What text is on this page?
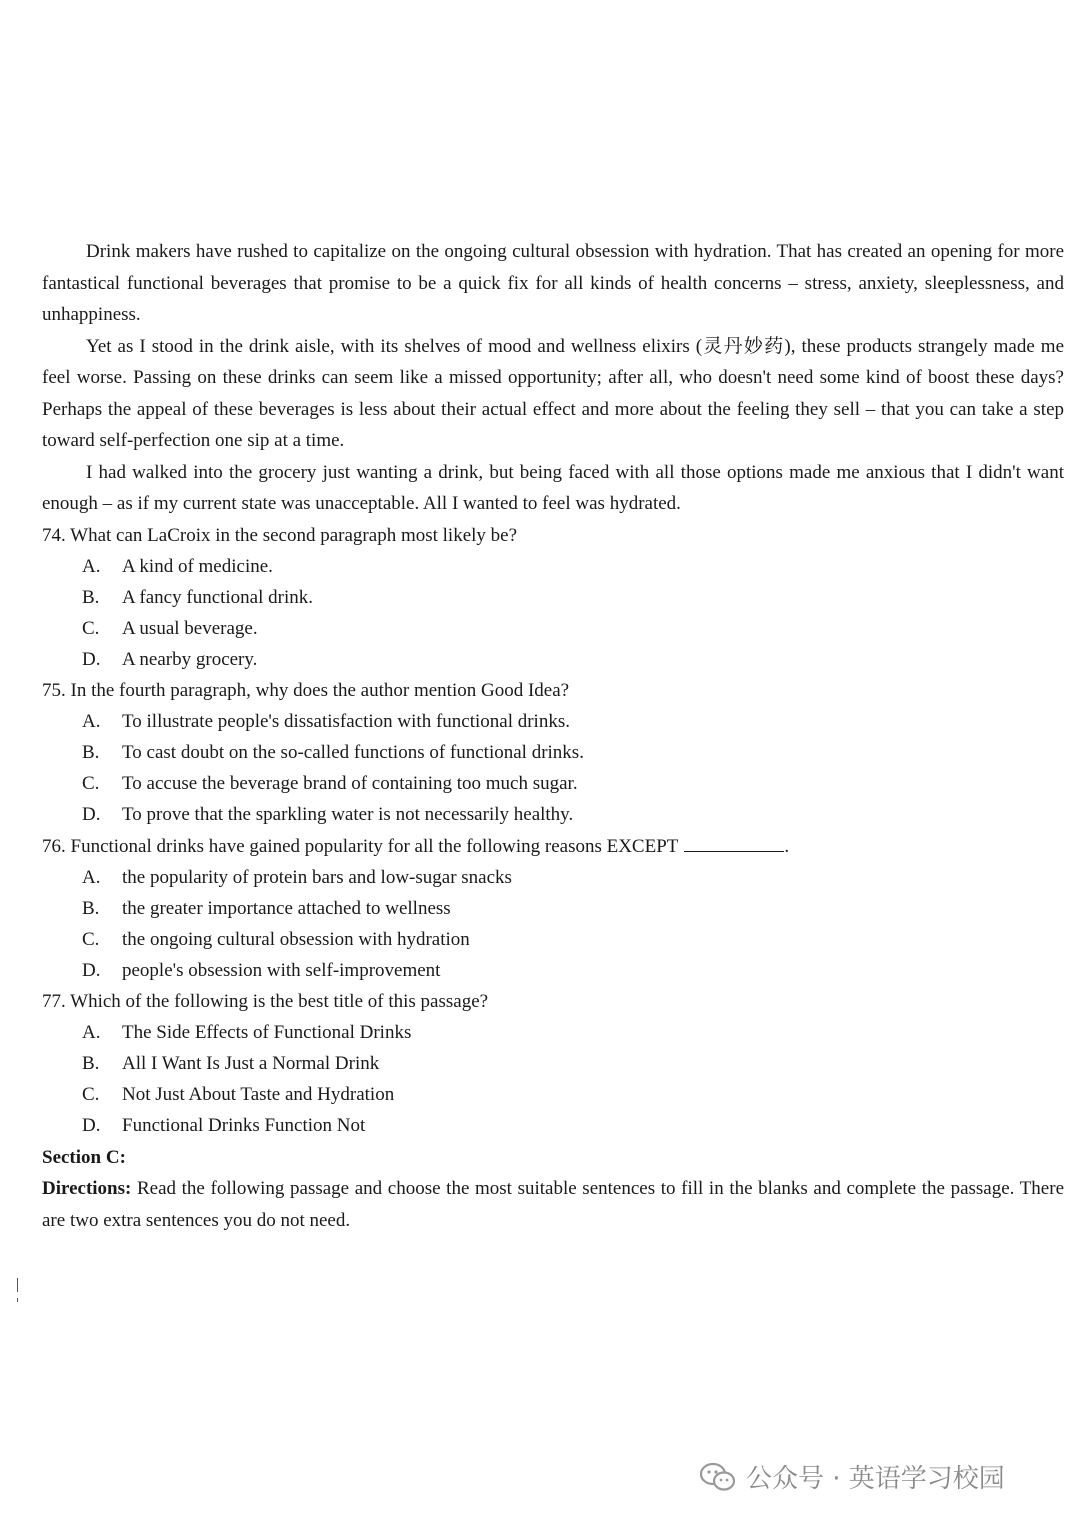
Drink makers have rushed to capitalize on the ongoing cultural obsession with hydration. That has created an opening for more fantastical functional beverages that promise to be a quick fix for all kinds of health concerns – stress, anxiety, sleeplessness, and unhappiness.

Yet as I stood in the drink aisle, with its shelves of mood and wellness elixirs (灵丹妙药), these products strangely made me feel worse. Passing on these drinks can seem like a missed opportunity; after all, who doesn't need some kind of boost these days? Perhaps the appeal of these beverages is less about their actual effect and more about the feeling they sell – that you can take a step toward self-perfection one sip at a time.

I had walked into the grocery just wanting a drink, but being faced with all those options made me anxious that I didn't want enough – as if my current state was unacceptable. All I wanted to feel was hydrated.

74. What can LaCroix in the second paragraph most likely be?

A.	A kind of medicine.
B.	A fancy functional drink.
C.	A usual beverage.
D.	A nearby grocery.

75. In the fourth paragraph, why does the author mention Good Idea?

A.	To illustrate people's dissatisfaction with functional drinks.
B.	To cast doubt on the so-called functions of functional drinks.
C.	To accuse the beverage brand of containing too much sugar.
D.	To prove that the sparkling water is not necessarily healthy.

76. Functional drinks have gained popularity for all the following reasons EXCEPT	.

A.	the popularity of protein bars and low-sugar snacks
B.	the greater importance attached to wellness
C.	the ongoing cultural obsession with hydration
D.	people's obsession with self-improvement

77. Which of the following is the best title of this passage?

A.	The Side Effects of Functional Drinks
B.	All I Want Is Just a Normal Drink
C.	Not Just About Taste and Hydration
D.	Functional Drinks Function Not

Section C:

Directions: Read the following passage and choose the most suitable sentences to fill in the blanks and complete the passage. There are two extra sentences you do not need.

公众号 · 英语学习校园
